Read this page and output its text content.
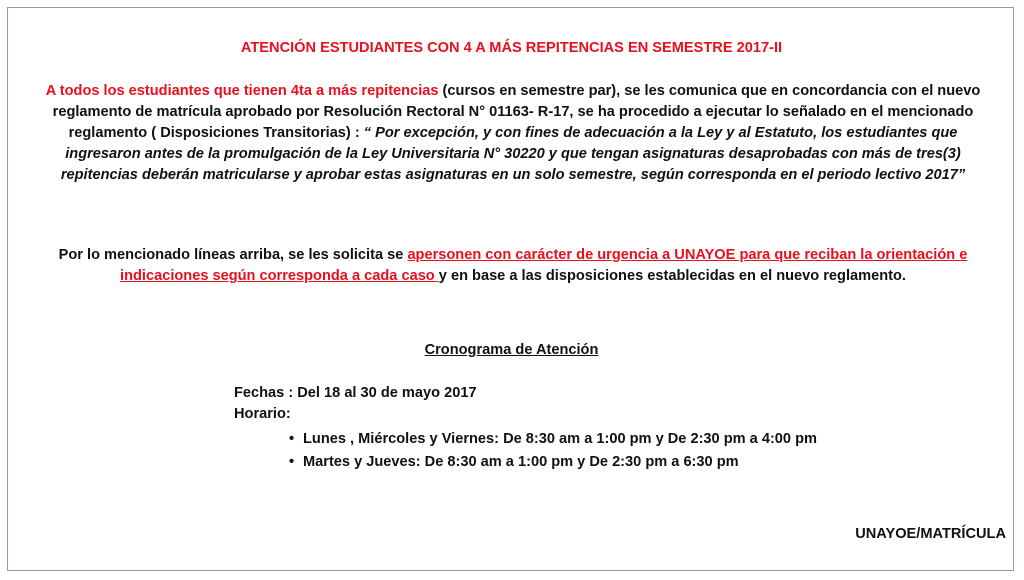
ATENCIÓN ESTUDIANTES CON 4 A MÁS REPITENCIAS EN SEMESTRE 2017-II

A todos los estudiantes que tienen 4ta a más repitencias (cursos en semestre par), se les comunica que en concordancia con el nuevo reglamento de matrícula aprobado por Resolución Rectoral N° 01163- R-17, se ha procedido a ejecutar lo señalado en el mencionado reglamento ( Disposiciones Transitorias) : “ Por excepción, y con fines de adecuación a la Ley y al Estatuto, los estudiantes que ingresaron antes de la promulgación de la Ley Universitaria N° 30220 y que tengan asignaturas desaprobadas con más de tres(3) repitencias deberán matricularse y aprobar estas asignaturas en un solo semestre, según corresponda en el periodo lectivo 2017”

Por lo mencionado líneas arriba, se les solicita se apersonen con carácter de urgencia a UNAYOE para que reciban la orientación e indicaciones según corresponda a cada caso y en base a las disposiciones establecidas en el nuevo reglamento.

Cronograma de Atención

Fechas : Del 18 al 30 de mayo 2017

Horario:

• Lunes , Miércoles y Viernes: De 8:30 am a 1:00 pm y De 2:30 pm a 4:00 pm
• Martes y Jueves: De 8:30 am a 1:00 pm y De 2:30 pm a 6:30 pm

UNAYOE/MATRÍCULA
